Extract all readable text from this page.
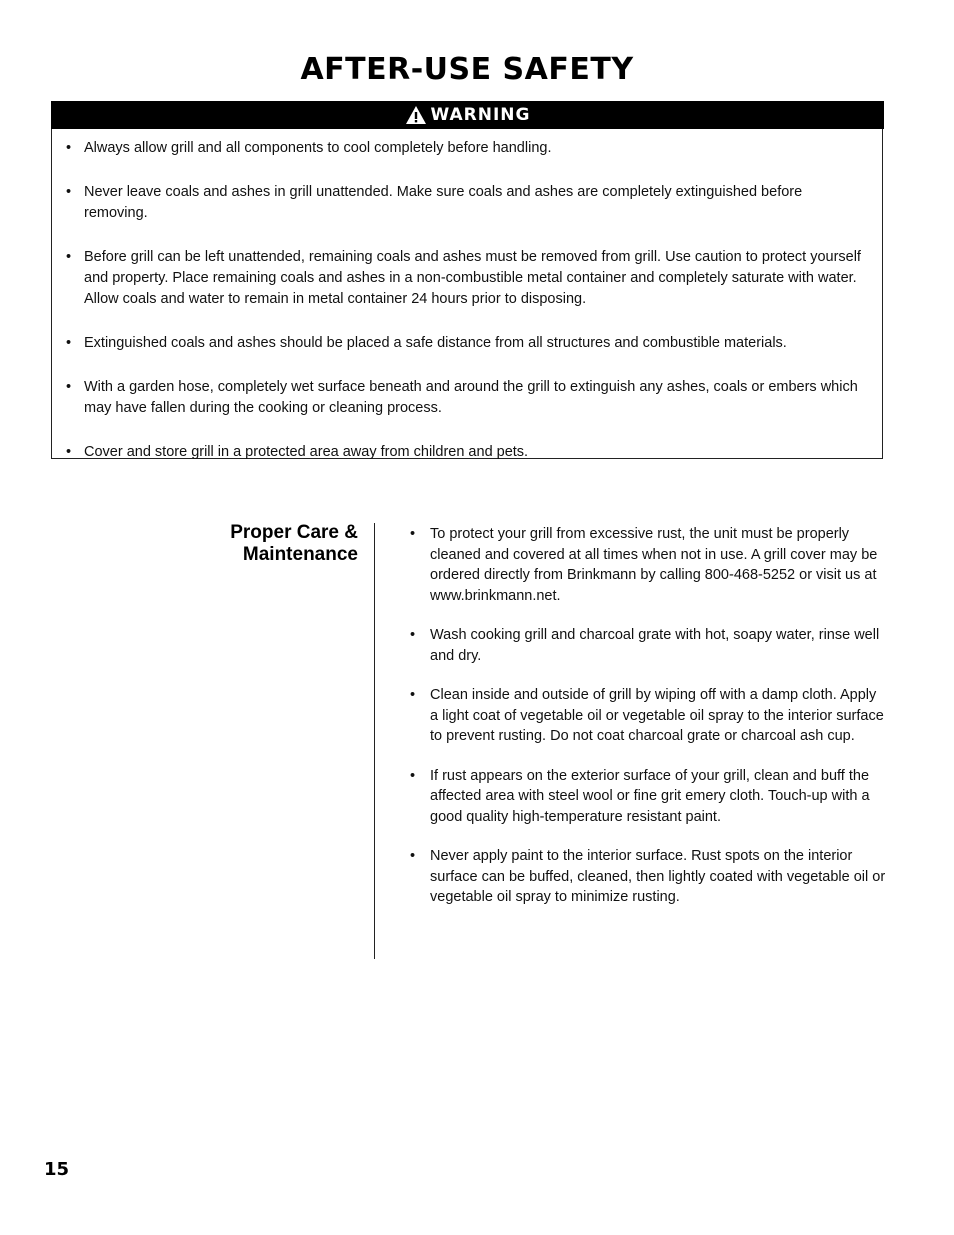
AFTER-USE SAFETY
WARNING
• Always allow grill and all components to cool completely before handling.
• Never leave coals and ashes in grill unattended. Make sure coals and ashes are completely extinguished before removing.
• Before grill can be left unattended, remaining coals and ashes must be removed from grill. Use caution to protect yourself and property. Place remaining coals and ashes in a non-combustible metal container and completely saturate with water. Allow coals and water to remain in metal container 24 hours prior to disposing.
• Extinguished coals and ashes should be placed a safe distance from all structures and combustible materials.
• With a garden hose, completely wet surface beneath and around the grill to extinguish any ashes, coals or embers which may have fallen during the cooking or cleaning process.
• Cover and store grill in a protected area away from children and pets.
Proper Care &
Maintenance
• To protect your grill from excessive rust, the unit must be properly cleaned and covered at all times when not in use. A grill cover may be ordered directly from Brinkmann by calling 800-468-5252 or visit us at www.brinkmann.net.
• Wash cooking grill and charcoal grate with hot, soapy water, rinse well and dry.
• Clean inside and outside of grill by wiping off with a damp cloth. Apply a light coat of vegetable oil or vegetable oil spray to the interior surface to prevent rusting. Do not coat charcoal grate or charcoal ash cup.
• If rust appears on the exterior surface of your grill, clean and buff the affected area with steel wool or fine grit emery cloth. Touch-up with a good quality high-temperature resistant paint.
• Never apply paint to the interior surface. Rust spots on the interior surface can be buffed, cleaned, then lightly coated with vegetable oil or vegetable oil spray to minimize rusting.
15
